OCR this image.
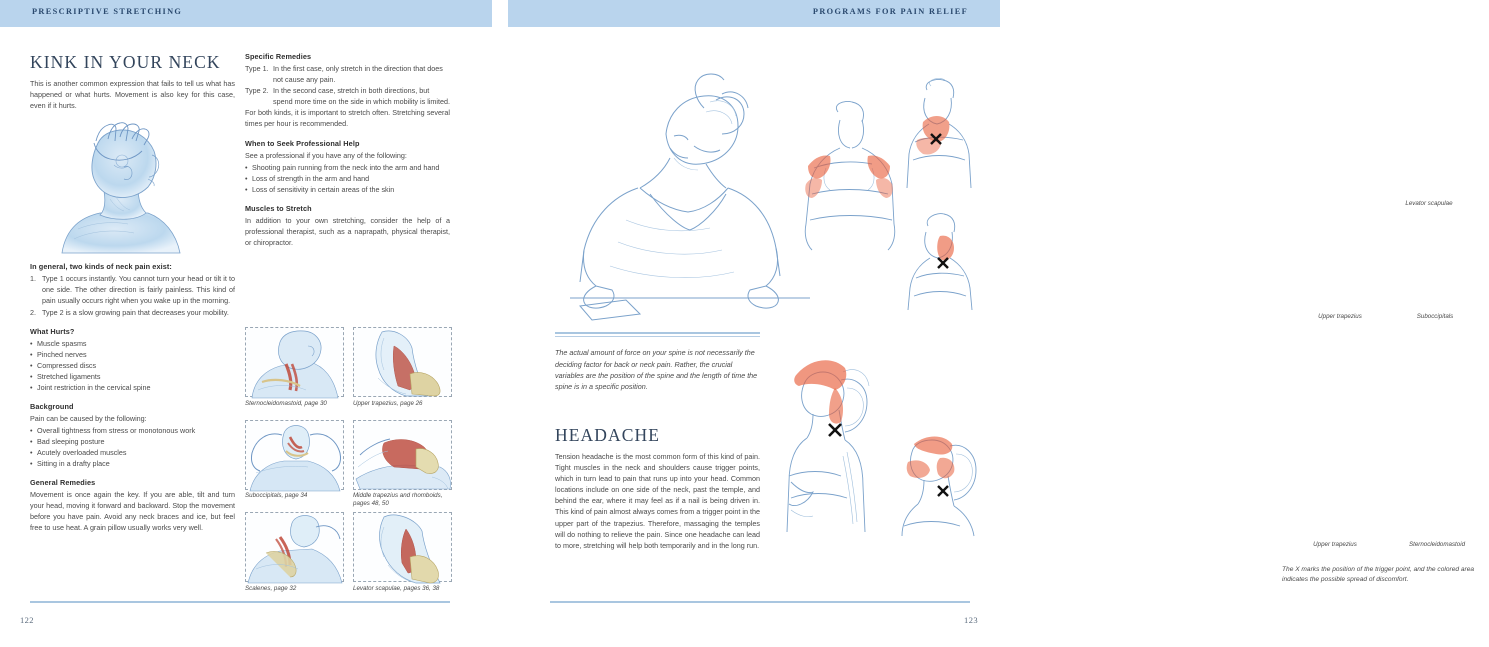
PRESCRIPTIVE STRETCHING
KINK IN YOUR NECK

This is another common expression that fails to tell us what has happened or what hurts. Movement is also key for this case, even if it hurts.

In general, two kinds of neck pain exist:
Type 1 occurs instantly. You cannot turn your head or tilt it to one side. The other direction is fairly painless. This kind of pain usually occurs right when you wake up in the morning.
Type 2 is a slow growing pain that decreases your mobility.
What Hurts?
• Muscle spasms
• Pinched nerves
• Compressed discs
• Stretched ligaments
• Joint restriction in the cervical spine
Background

Pain can be caused by the following:

• Overall tightness from stress or monotonous work
• Bad sleeping posture
• Acutely overloaded muscles
• Sitting in a drafty place
General Remedies

Movement is once again the key. If you are able, tilt and turn your head, moving it forward and backward. Stop the movement before you have pain. Avoid any neck braces and ice, but feel free to use heat. A grain pillow usually works very well.

Specific Remedies
Type 1. In the first case, only stretch in the direction that does not cause any pain.
Type 2. In the second case, stretch in both directions, but spend more time on the side in which mobility is limited.

For both kinds, it is important to stretch often. Stretching several times per hour is recommended.

When to Seek Professional Help

See a professional if you have any of the following:

• Shooting pain running from the neck into the arm and hand
• Loss of strength in the arm and hand
• Loss of sensitivity in certain areas of the skin
Muscles to Stretch

In addition to your own stretching, consider the help of a professional therapist, such as a naprapath, physical therapist, or chiropractor.

Sternocleidomastoid, page 30	Upper trapezius, page 26
Suboccipitals, page 34	Middle trapezius and rhomboids, pages 48, 50
Scalenes, page 32	Levator scapulae, pages 36, 38
122
PROGRAMS FOR PAIN RELIEF
Levator scapulae
Upper trapezius	Suboccipitals

The actual amount of force on your spine is not necessarily the deciding factor for back or neck pain. Rather, the crucial variables are the position of the spine and the length of time the spine is in a specific position.

HEADACHE

Tension headache is the most common form of this kind of pain. Tight muscles in the neck and shoulders cause trigger points, which in turn lead to pain that runs up into your head. Common locations include on one side of the neck, past the temple, and behind the ear, where it may feel as if a nail is being driven in. This kind of pain almost always comes from a trigger point in the upper part of the trapezius. Therefore, massaging the temples will do nothing to relieve the pain. Since one headache can lead to more, stretching will help both temporarily and in the long run.	Upper trapezius	Sternocleidomastoid
The X marks the position of the trigger point, and the colored area indicates the possible spread of discomfort.
123
